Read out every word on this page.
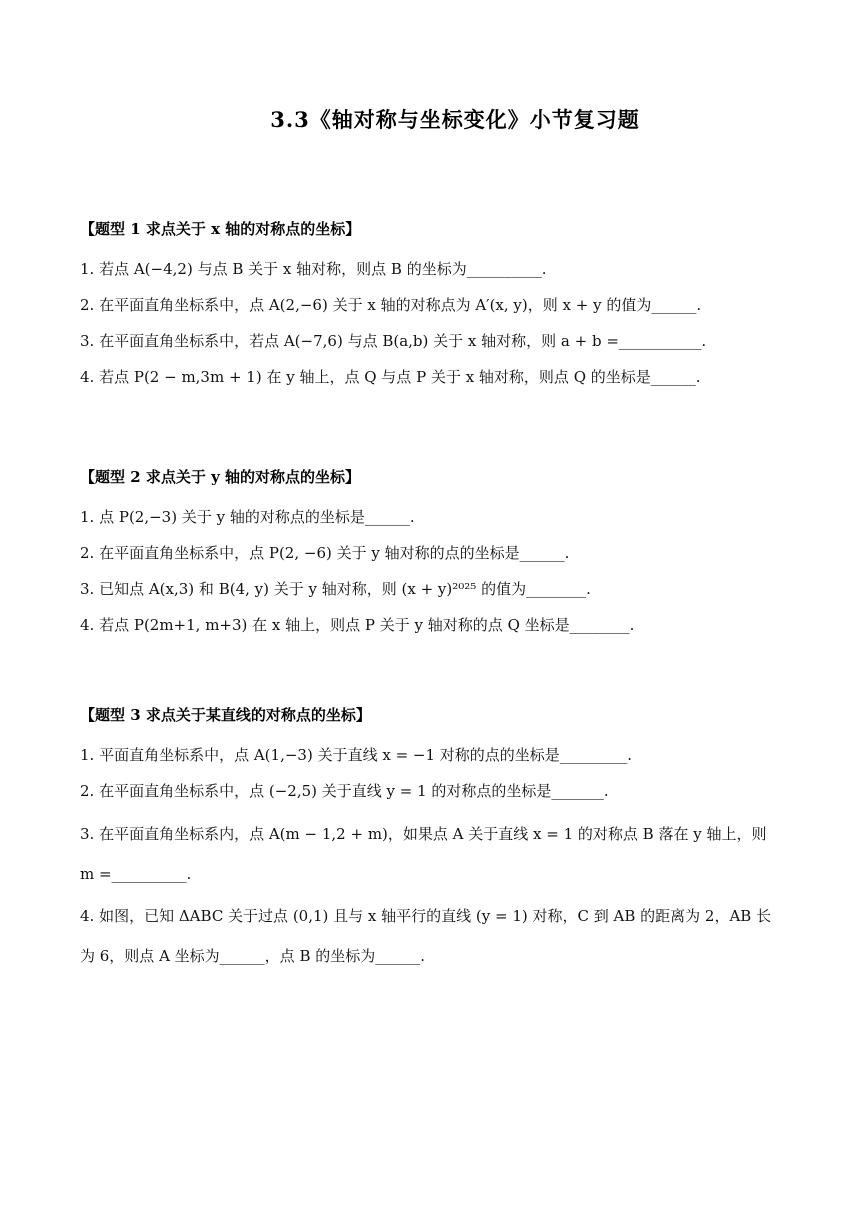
3.3《轴对称与坐标变化》小节复习题
【题型 1 求点关于 x 轴的对称点的坐标】

1. 若点 A(−4,2) 与点 B 关于 x 轴对称，则点 B 的坐标为__________.

2. 在平面直角坐标系中，点 A(2,−6) 关于 x 轴的对称点为 A′(x, y)，则 x + y 的值为______.

3. 在平面直角坐标系中，若点 A(−7,6) 与点 B(a,b) 关于 x 轴对称，则 a + b =___________.

4. 若点 P(2 − m,3m + 1) 在 y 轴上，点 Q 与点 P 关于 x 轴对称，则点 Q 的坐标是______.

【题型 2 求点关于 y 轴的对称点的坐标】

1. 点 P(2,−3) 关于 y 轴的对称点的坐标是______.

2. 在平面直角坐标系中，点 P(2, −6) 关于 y 轴对称的点的坐标是______.

3. 已知点 A(x,3) 和 B(4, y) 关于 y 轴对称，则 (x + y)²⁰²⁵ 的值为________.

4. 若点 P(2m+1, m+3) 在 x 轴上，则点 P 关于 y 轴对称的点 Q 坐标是________.

【题型 3 求点关于某直线的对称点的坐标】

1. 平面直角坐标系中，点 A(1,−3) 关于直线 x = −1 对称的点的坐标是_________.

2. 在平面直角坐标系中，点 (−2,5) 关于直线 y = 1 的对称点的坐标是_______.

3. 在平面直角坐标系内，点 A(m − 1,2 + m)，如果点 A 关于直线 x = 1 的对称点 B 落在 y 轴上，则 m =__________.

4. 如图，已知 ΔABC 关于过点 (0,1) 且与 x 轴平行的直线 (y = 1) 对称，C 到 AB 的距离为 2，AB 长为 6，则点 A 坐标为______，点 B 的坐标为______.
